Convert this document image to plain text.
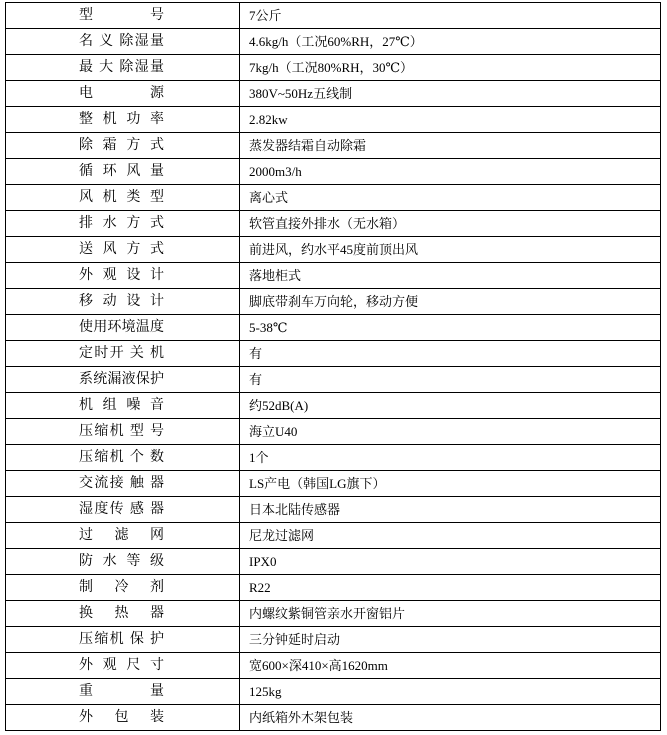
型 号	7公斤
名 义 除湿量	4.6kg/h（工况60%RH，27℃）
最 大 除湿量	7kg/h（工况80%RH，30℃）
电 源	380V~50Hz五线制
整 机 功 率	2.82kw
除 霜 方 式	蒸发器结霜自动除霜
循 环 风 量	2000m3/h
风 机 类 型	离心式
排 水 方 式	软管直接外排水（无水箱）
送 风 方 式	前进风，约水平45度前顶出风
外 观 设 计	落地柜式
移 动 设 计	脚底带刹车万向轮，移动方便
使用环境温度	5-38℃
定时开 关 机	有
系统漏液保护	有
机 组 噪 音	约52dB(A)
压缩机 型 号	海立U40
压缩机 个 数	1个
交流接 触 器	LS产电（韩国LG旗下）
湿度传 感 器	日本北陆传感器
过 滤 网	尼龙过滤网
防 水 等 级	IPX0
制 冷 剂	R22
换 热 器	内螺纹紫铜管亲水开窗铝片
压缩机 保 护	三分钟延时启动
外 观 尺 寸	宽600×深410×高1620mm
重 量	125kg
外 包 装	内纸箱外木架包装
